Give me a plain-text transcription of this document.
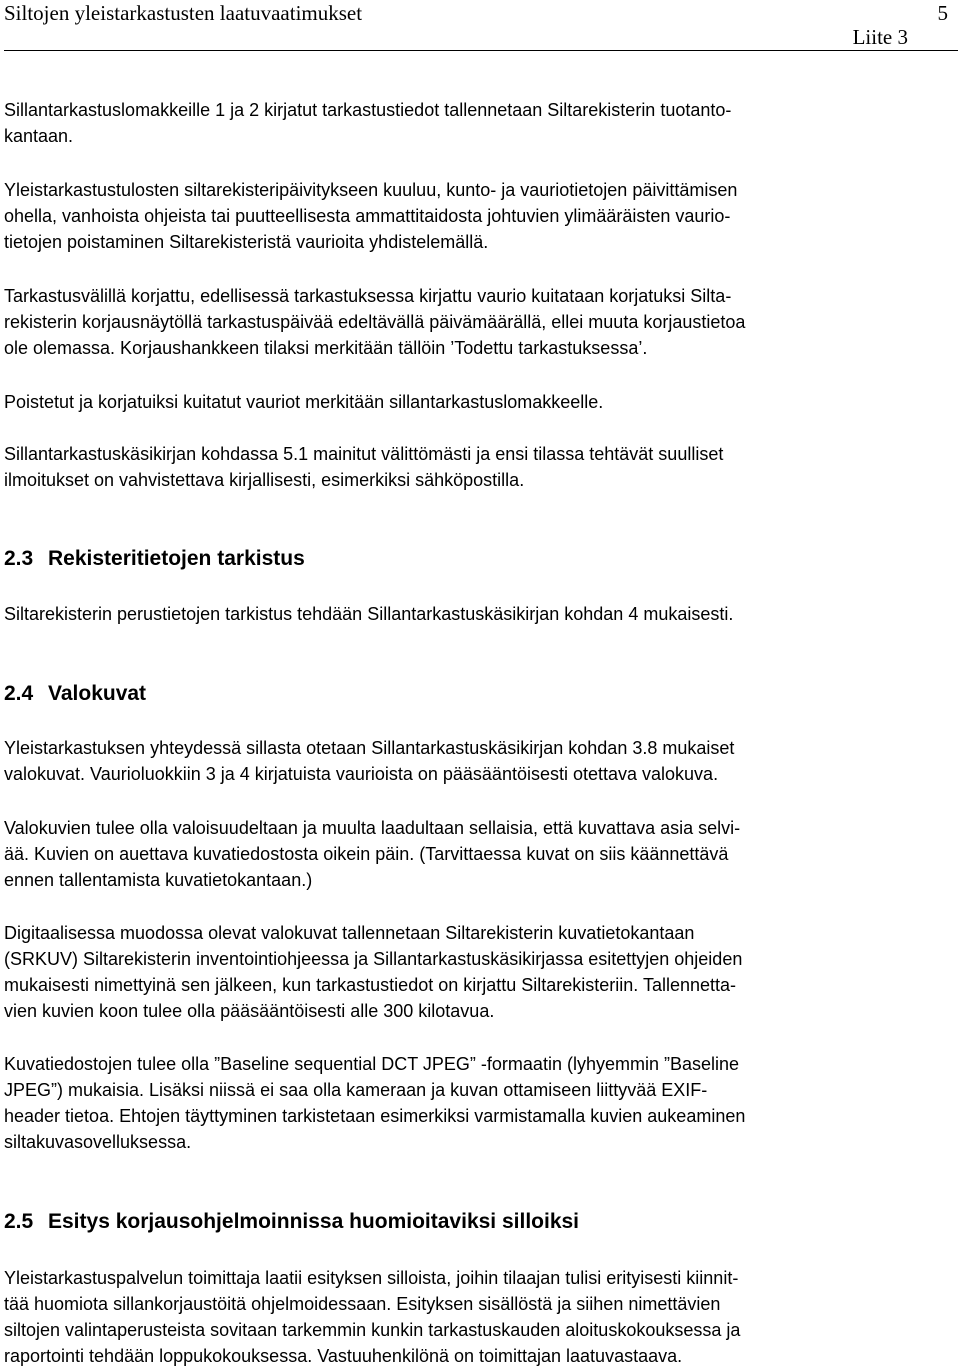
Siltojen yleistarkastusten laatuvaatimukset	5
Liite 3

Sillantarkastuslomakkeille 1 ja 2 kirjatut tarkastustiedot tallennetaan Siltarekisterin tuotanto-
kantaan.

Yleistarkastustulosten siltarekisteripäivitykseen kuuluu, kunto- ja vauriotietojen päivittämisen
ohella, vanhoista ohjeista tai puutteellisesta ammattitaidosta johtuvien ylimääräisten vaurio-
tietojen poistaminen Siltarekisteristä vaurioita yhdistelemällä.

Tarkastusvälillä korjattu, edellisessä tarkastuksessa kirjattu vaurio kuitataan korjatuksi Silta-
rekisterin korjausnäytöllä tarkastuspäivää edeltävällä päivämäärällä, ellei muuta korjaustietoa
ole olemassa. Korjaushankkeen tilaksi merkitään tällöin ’Todettu tarkastuksessa’.

Poistetut ja korjatuiksi kuitatut vauriot merkitään sillantarkastuslomakkeelle.

Sillantarkastuskäsikirjan kohdassa 5.1 mainitut välittömästi ja ensi tilassa tehtävät suulliset
ilmoitukset on vahvistettava kirjallisesti, esimerkiksi sähköpostilla.

2.3 Rekisteritietojen tarkistus

Siltarekisterin perustietojen tarkistus tehdään Sillantarkastuskäsikirjan kohdan 4 mukaisesti.

2.4 Valokuvat

Yleistarkastuksen yhteydessä sillasta otetaan Sillantarkastuskäsikirjan kohdan 3.8 mukaiset
valokuvat. Vaurioluokkiin 3 ja 4 kirjatuista vaurioista on pääsääntöisesti otettava valokuva.

Valokuvien tulee olla valoisuudeltaan ja muulta laadultaan sellaisia, että kuvattava asia selvi-
ää. Kuvien on auettava kuvatiedostosta oikein päin. (Tarvittaessa kuvat on siis käännettävä
ennen tallentamista kuvatietokantaan.)

Digitaalisessa muodossa olevat valokuvat tallennetaan Siltarekisterin kuvatietokantaan
(SRKUV) Siltarekisterin inventointiohjeessa ja Sillantarkastuskäsikirjassa esitettyjen ohjeiden
mukaisesti nimettyinä sen jälkeen, kun tarkastustiedot on kirjattu Siltarekisteriin. Tallennetta-
vien kuvien koon tulee olla pääsääntöisesti alle 300 kilotavua.

Kuvatiedostojen tulee olla ”Baseline sequential DCT JPEG” -formaatin (lyhyemmin ”Baseline
JPEG”) mukaisia. Lisäksi niissä ei saa olla kameraan ja kuvan ottamiseen liittyvää EXIF-
header tietoa. Ehtojen täyttyminen tarkistetaan esimerkiksi varmistamalla kuvien aukeaminen
siltakuvasovelluksessa.

2.5 Esitys korjausohjelmoinnissa huomioitaviksi silloiksi

Yleistarkastuspalvelun toimittaja laatii esityksen silloista, joihin tilaajan tulisi erityisesti kiinnit-
tää huomiota sillankorjaustöitä ohjelmoidessaan. Esityksen sisällöstä ja siihen nimettävien
siltojen valintaperusteista sovitaan tarkemmin kunkin tarkastuskauden aloituskokouksessa ja
raportointi tehdään loppukokouksessa. Vastuuhenkilönä on toimittajan laatuvastaava.
